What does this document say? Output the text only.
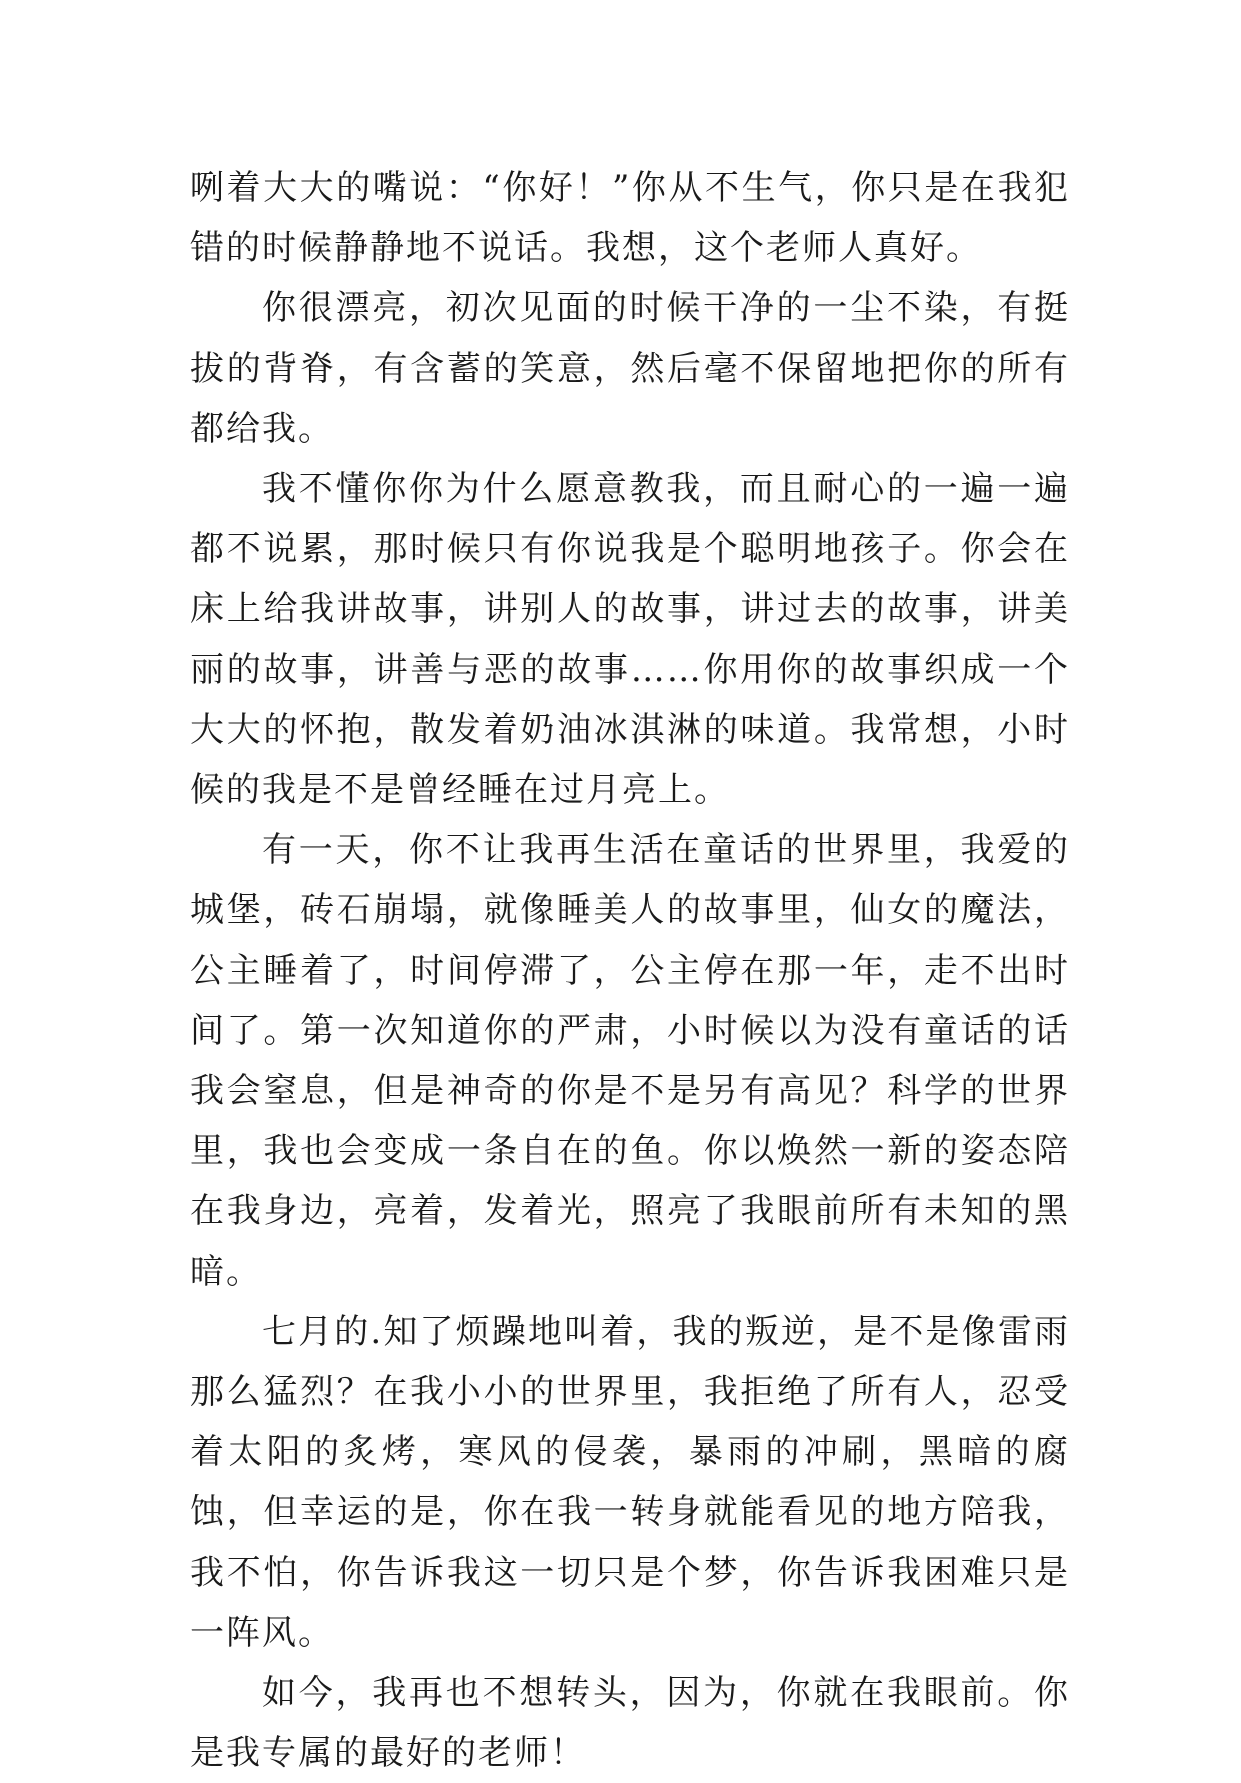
咧着大大的嘴说：“你好！”你从不生气，你只是在我犯错的时候静静地不说话。我想，这个老师人真好。

你很漂亮，初次见面的时候干净的一尘不染，有挺拔的背脊，有含蓄的笑意，然后毫不保留地把你的所有都给我。

我不懂你你为什么愿意教我，而且耐心的一遍一遍都不说累，那时候只有你说我是个聪明地孩子。你会在床上给我讲故事，讲别人的故事，讲过去的故事，讲美丽的故事，讲善与恶的故事……你用你的故事织成一个大大的怀抱，散发着奶油冰淇淋的味道。我常想，小时候的我是不是曾经睡在过月亮上。

有一天，你不让我再生活在童话的世界里，我爱的城堡，砖石崩塌，就像睡美人的故事里，仙女的魔法，公主睡着了，时间停滞了，公主停在那一年，走不出时间了。第一次知道你的严肃，小时候以为没有童话的话我会窒息，但是神奇的你是不是另有高见？科学的世界里，我也会变成一条自在的鱼。你以焕然一新的姿态陪在我身边，亮着，发着光，照亮了我眼前所有未知的黑暗。

七月的.知了烦躁地叫着，我的叛逆，是不是像雷雨那么猛烈？在我小小的世界里，我拒绝了所有人，忍受着太阳的炙烤，寒风的侵袭，暴雨的冲刷，黑暗的腐蚀，但幸运的是，你在我一转身就能看见的地方陪我，我不怕，你告诉我这一切只是个梦，你告诉我困难只是一阵风。

如今，我再也不想转头，因为，你就在我眼前。你是我专属的最好的老师！
